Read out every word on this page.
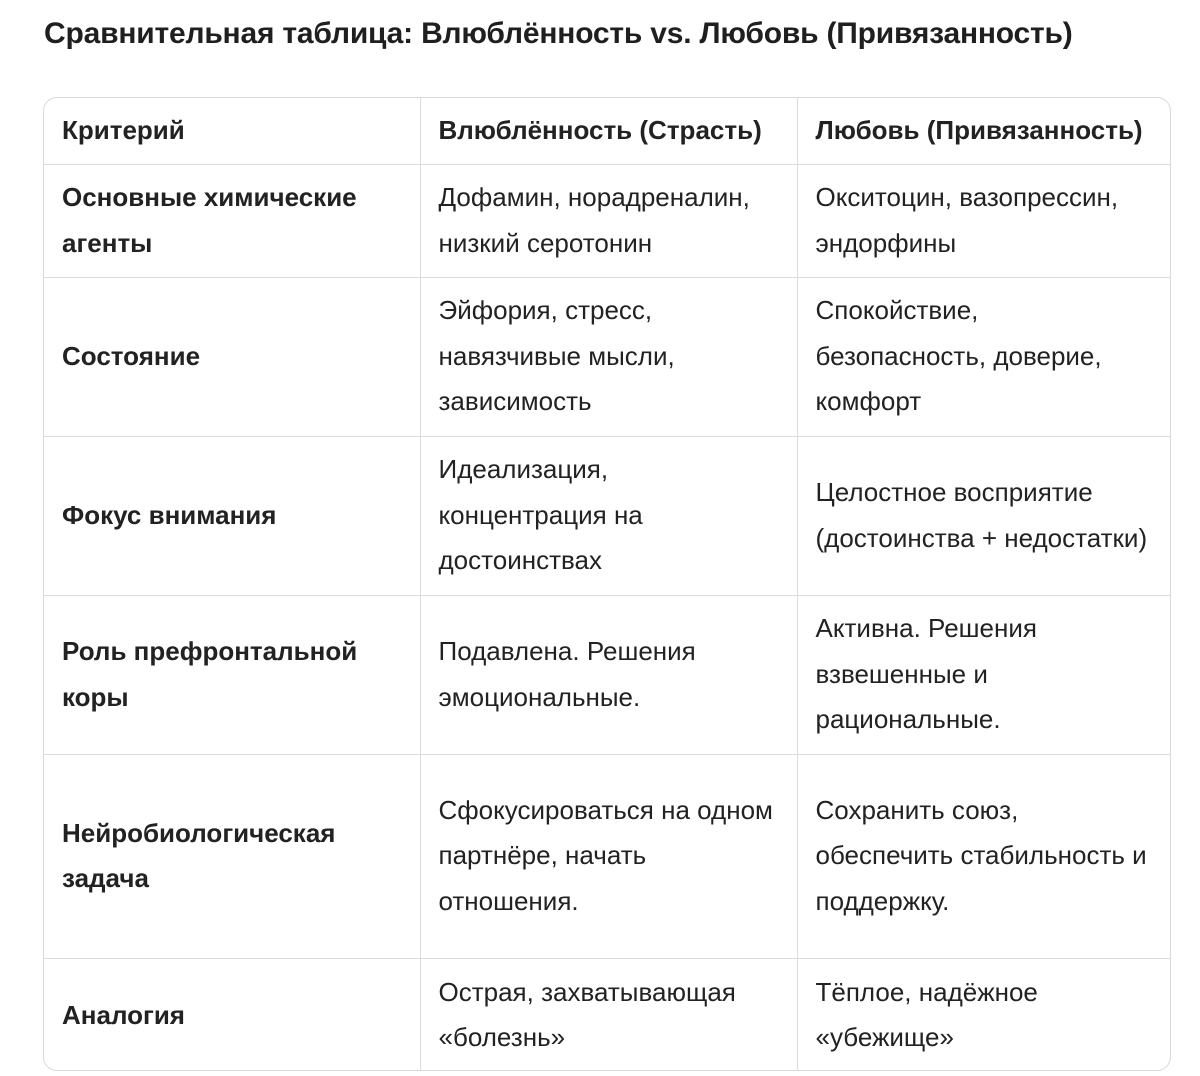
Сравнительная таблица: Влюблённость vs. Любовь (Привязанность)
Критерий	Влюблённость (Страсть)	Любовь (Привязанность)
Основные химические агенты	Дофамин, норадреналин, низкий серотонин	Окситоцин, вазопрессин, эндорфины
Состояние	Эйфория, стресс, навязчивые мысли, зависимость	Спокойствие, безопасность, доверие, комфорт
Фокус внимания	Идеализация, концентрация на достоинствах	Целостное восприятие (достоинства + недостатки)
Роль префронтальной коры	Подавлена. Решения эмоциональные.	Активна. Решения взвешенные и рациональные.
Нейробиологическая задача	Сфокусироваться на одном партнёре, начать отношения.	Сохранить союз, обеспечить стабильность и поддержку.
Аналогия	Острая, захватывающая «болезнь»	Тёплое, надёжное «убежище»
